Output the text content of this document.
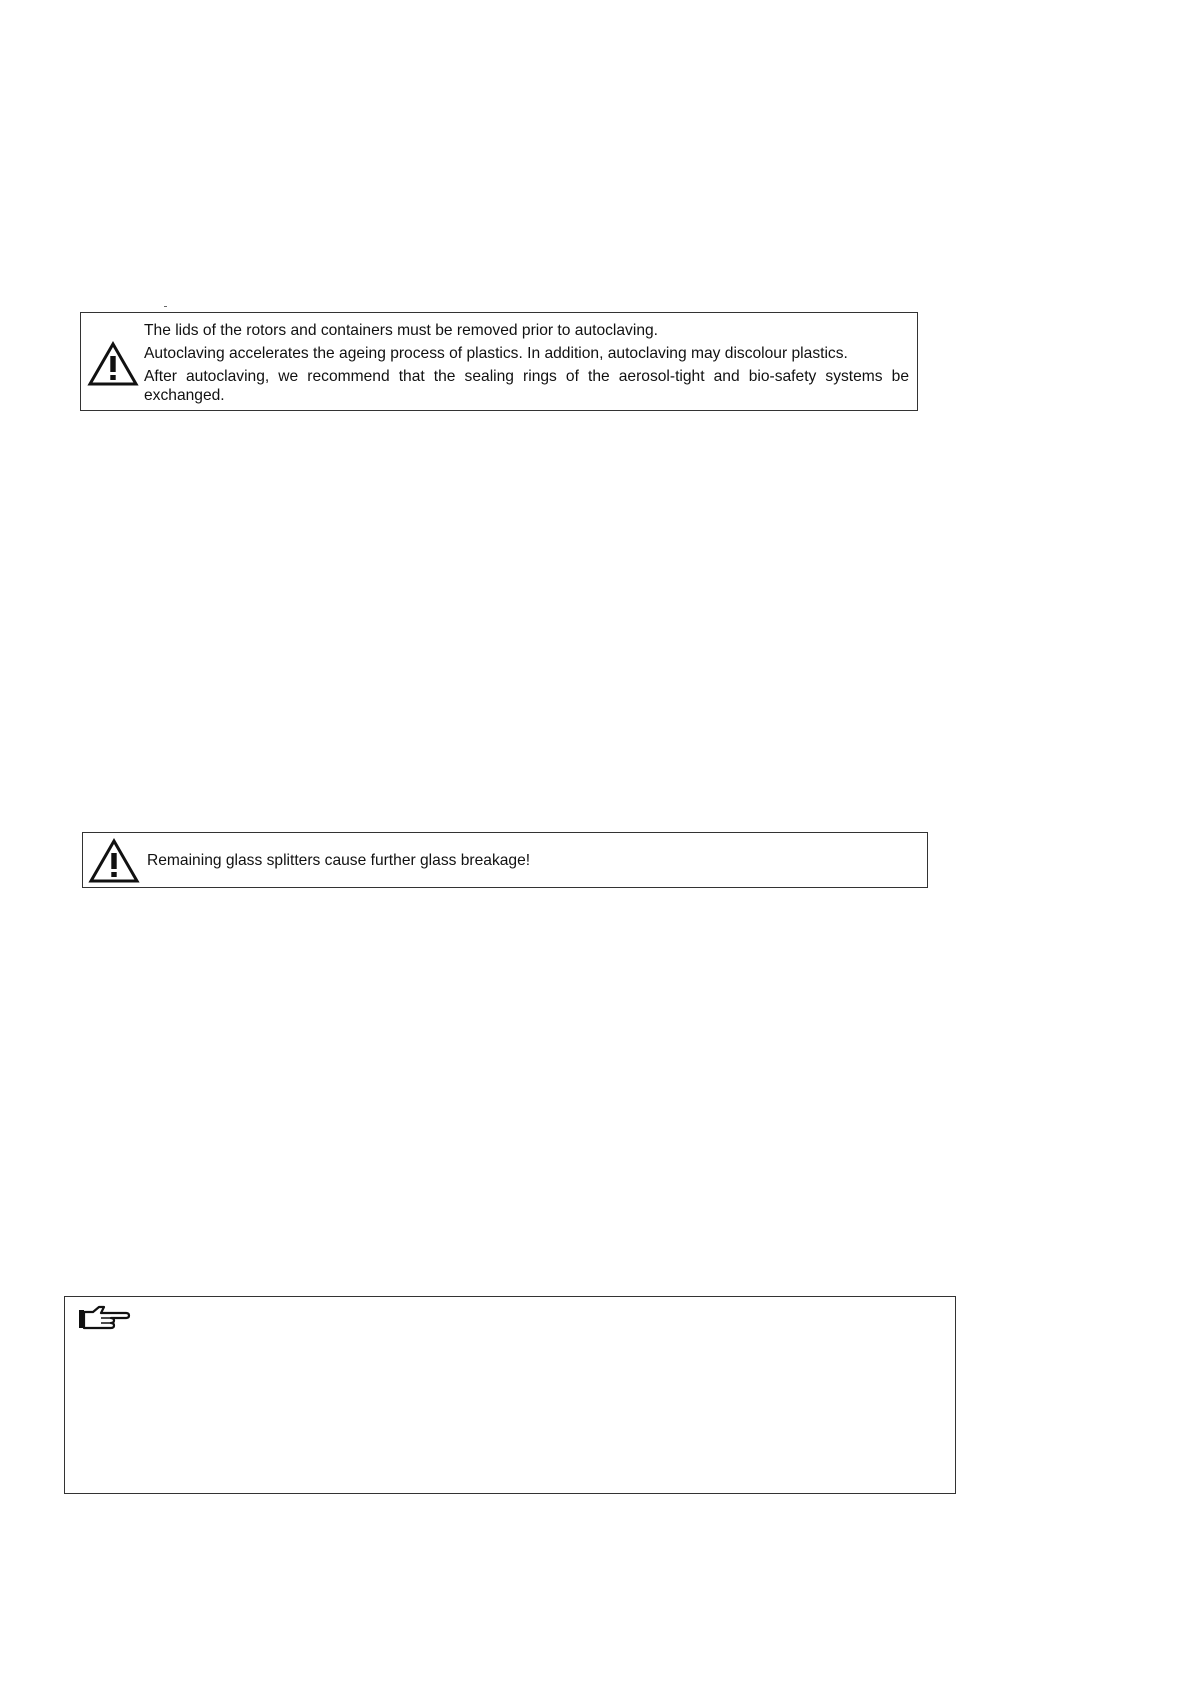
The lids of the rotors and containers must be removed prior to autoclaving.
Autoclaving accelerates the ageing process of plastics. In addition, autoclaving may discolour plastics.
After autoclaving, we recommend that the sealing rings of the aerosol-tight and bio-safety systems be exchanged.
Remaining glass splitters cause further glass breakage!
